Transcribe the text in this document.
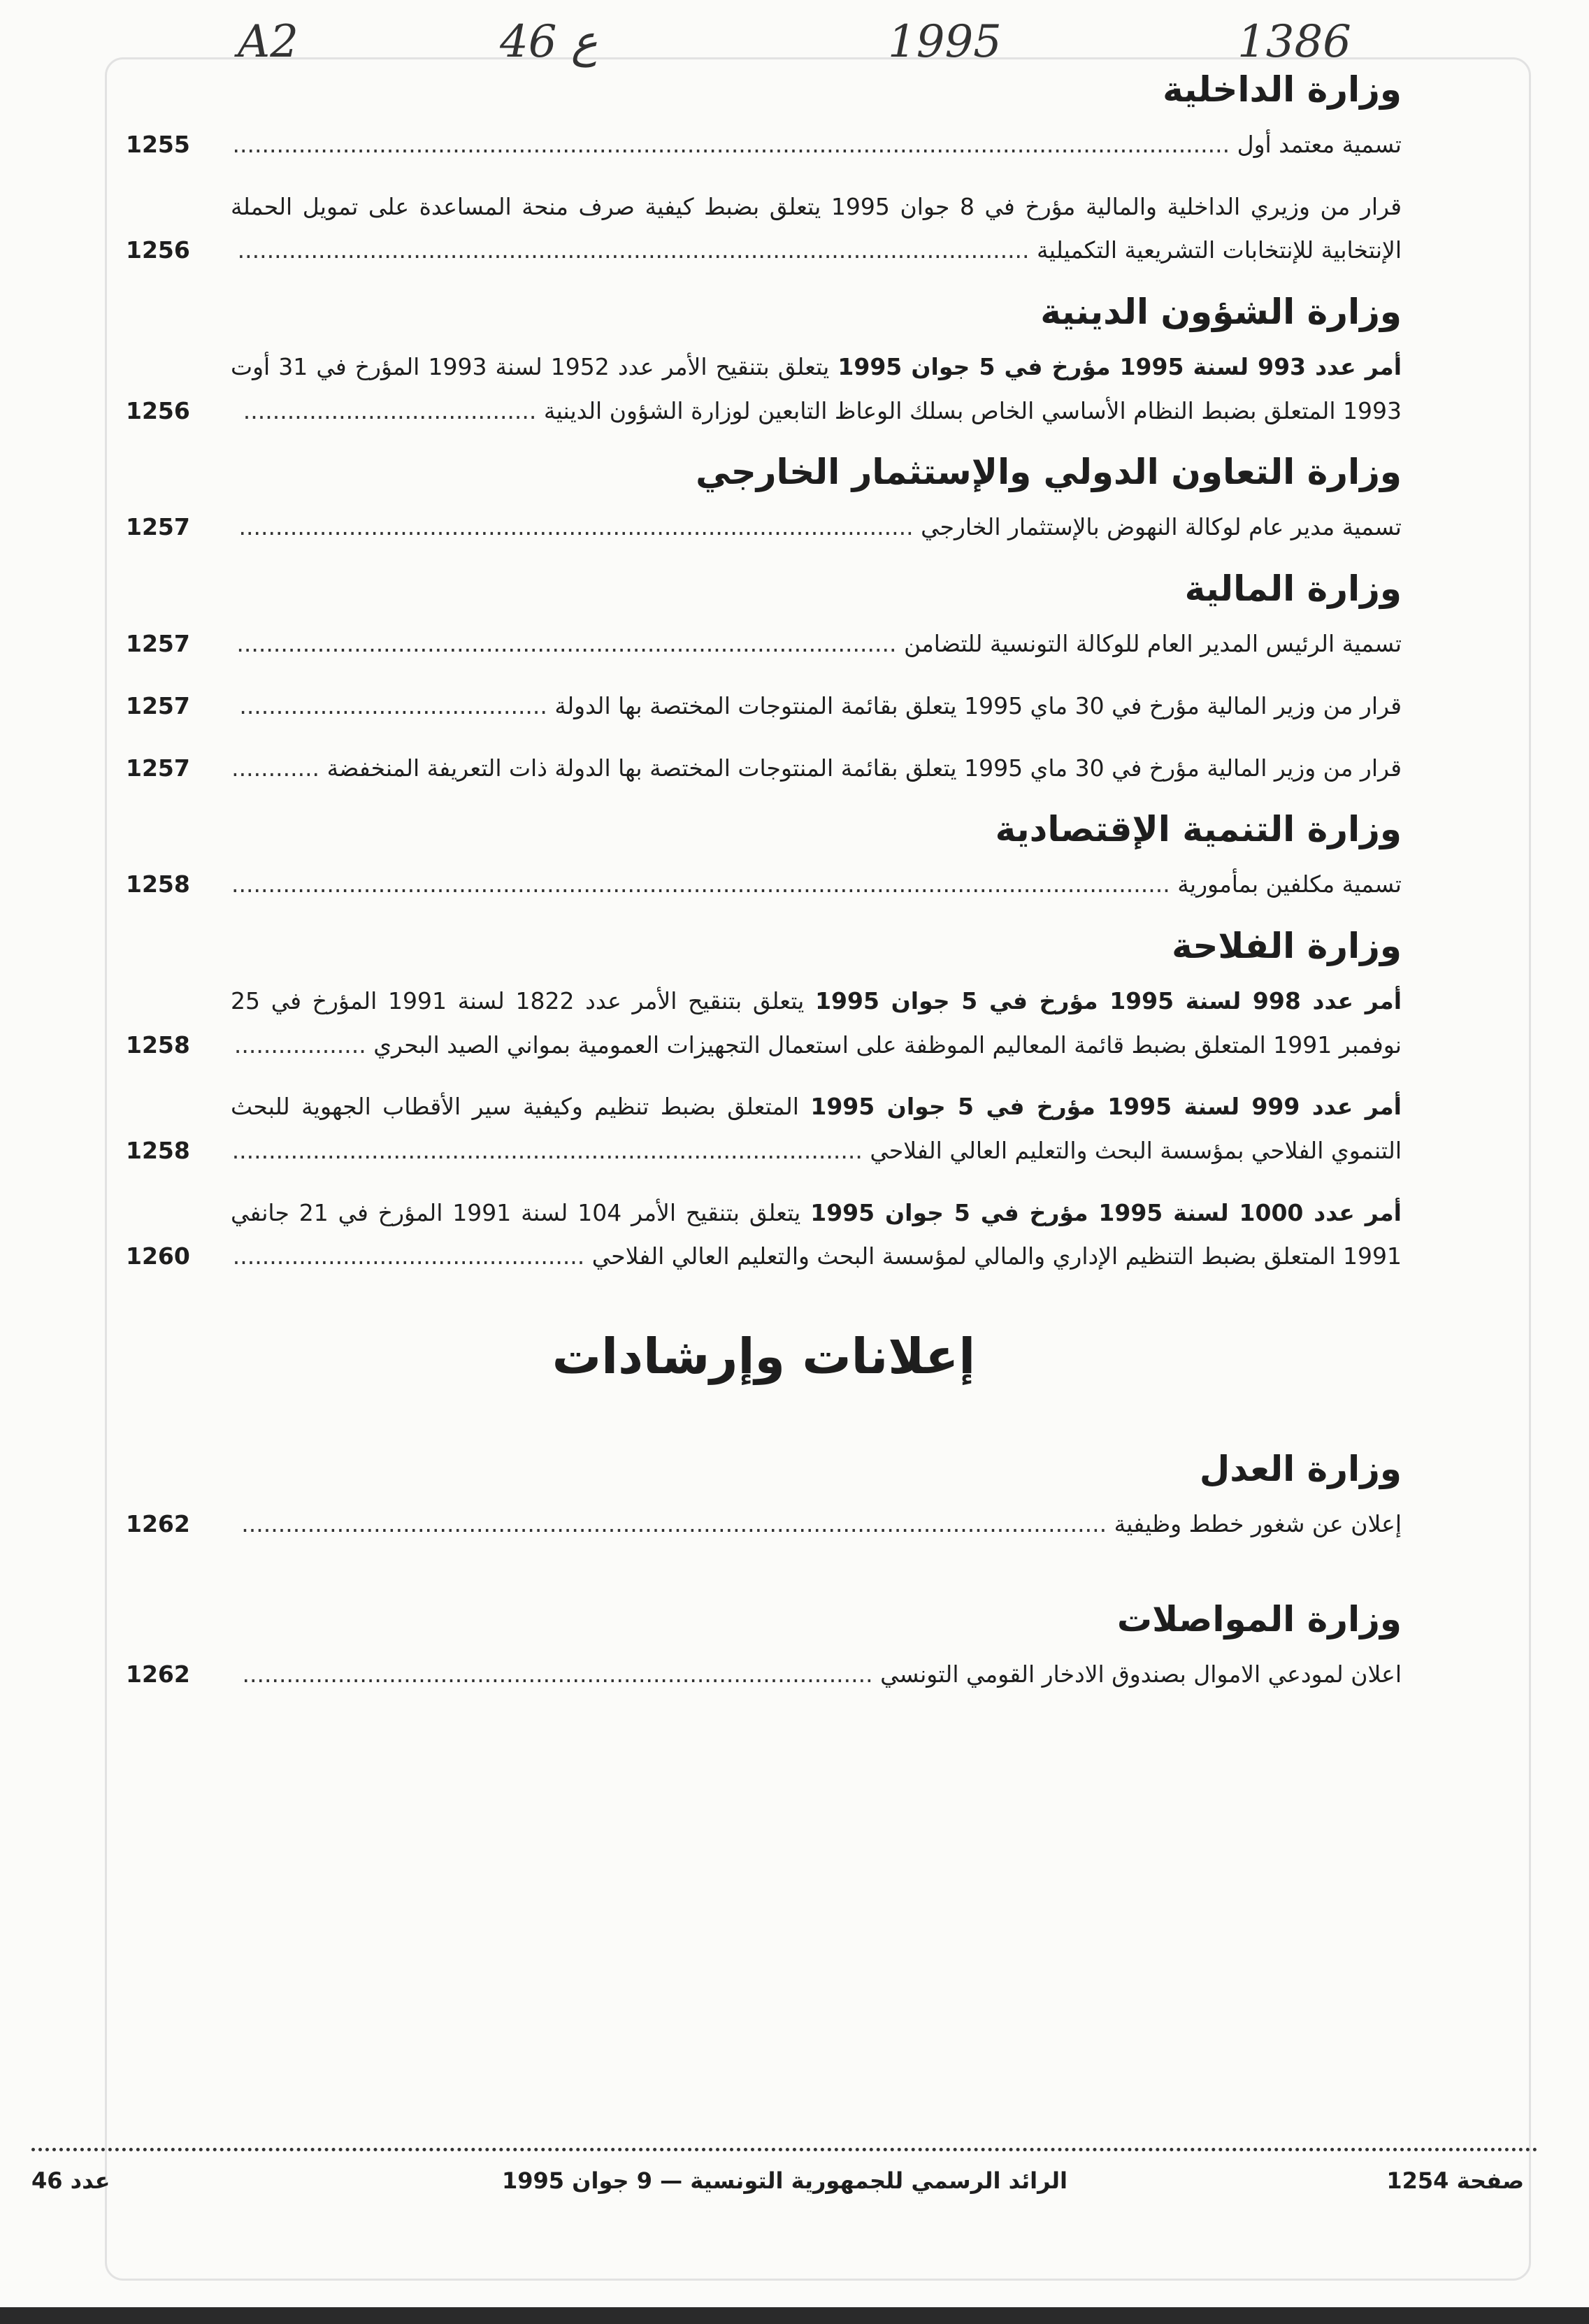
A2	46 ع	1995	1386
وزارة الداخلية
تسمية معتمد أول ........................................................................................................................................
1255
قرار من وزيري الداخلية والمالية مؤرخ في 8 جوان 1995 يتعلق بضبط كيفية صرف منحة المساعدة على تمويل الحملة الإنتخابية للإنتخابات التشريعية التكميلية ............................................................................................................
1256
وزارة الشؤون الدينية
أمر عدد 993 لسنة 1995 مؤرخ في 5 جوان 1995 يتعلق بتنقيح الأمر عدد 1952 لسنة 1993 المؤرخ في 31 أوت 1993 المتعلق بضبط النظام الأساسي الخاص بسلك الوعاظ التابعين لوزارة الشؤون الدينية ........................................
1256
وزارة التعاون الدولي والإستثمار الخارجي
تسمية مدير عام لوكالة النهوض بالإستثمار الخارجي ............................................................................................
1257
وزارة المالية
تسمية الرئيس المدير العام للوكالة التونسية للتضامن ..........................................................................................
1257
قرار من وزير المالية مؤرخ في 30 ماي 1995 يتعلق بقائمة المنتوجات المختصة بها الدولة ..........................................
1257
قرار من وزير المالية مؤرخ في 30 ماي 1995 يتعلق بقائمة المنتوجات المختصة بها الدولة ذات التعريفة المنخفضة ............
1257
وزارة التنمية الإقتصادية
تسمية مكلفين بمأمورية ................................................................................................................................
1258
وزارة الفلاحة
أمر عدد 998 لسنة 1995 مؤرخ في 5 جوان 1995 يتعلق بتنقيح الأمر عدد 1822 لسنة 1991 المؤرخ في 25 نوفمبر 1991 المتعلق بضبط قائمة المعاليم الموظفة على استعمال التجهيزات العمومية بمواني الصيد البحري ..................
1258
أمر عدد 999 لسنة 1995 مؤرخ في 5 جوان 1995 المتعلق بضبط تنظيم وكيفية سير الأقطاب الجهوية للبحث التنموي الفلاحي بمؤسسة البحث والتعليم العالي الفلاحي ......................................................................................
1258
أمر عدد 1000 لسنة 1995 مؤرخ في 5 جوان 1995 يتعلق بتنقيح الأمر 104 لسنة 1991 المؤرخ في 21 جانفي 1991 المتعلق بضبط التنظيم الإداري والمالي لمؤسسة البحث والتعليم العالي الفلاحي ................................................
1260
إعلانات وإرشادات
وزارة العدل
إعلان عن شغور خطط وظيفية ......................................................................................................................
1262
وزارة المواصلات
اعلان لمودعي الاموال بصندوق الادخار القومي التونسي ......................................................................................
1262
صفحة 1254
الرائد الرسمي للجمهورية التونسية — 9 جوان 1995
عدد 46
